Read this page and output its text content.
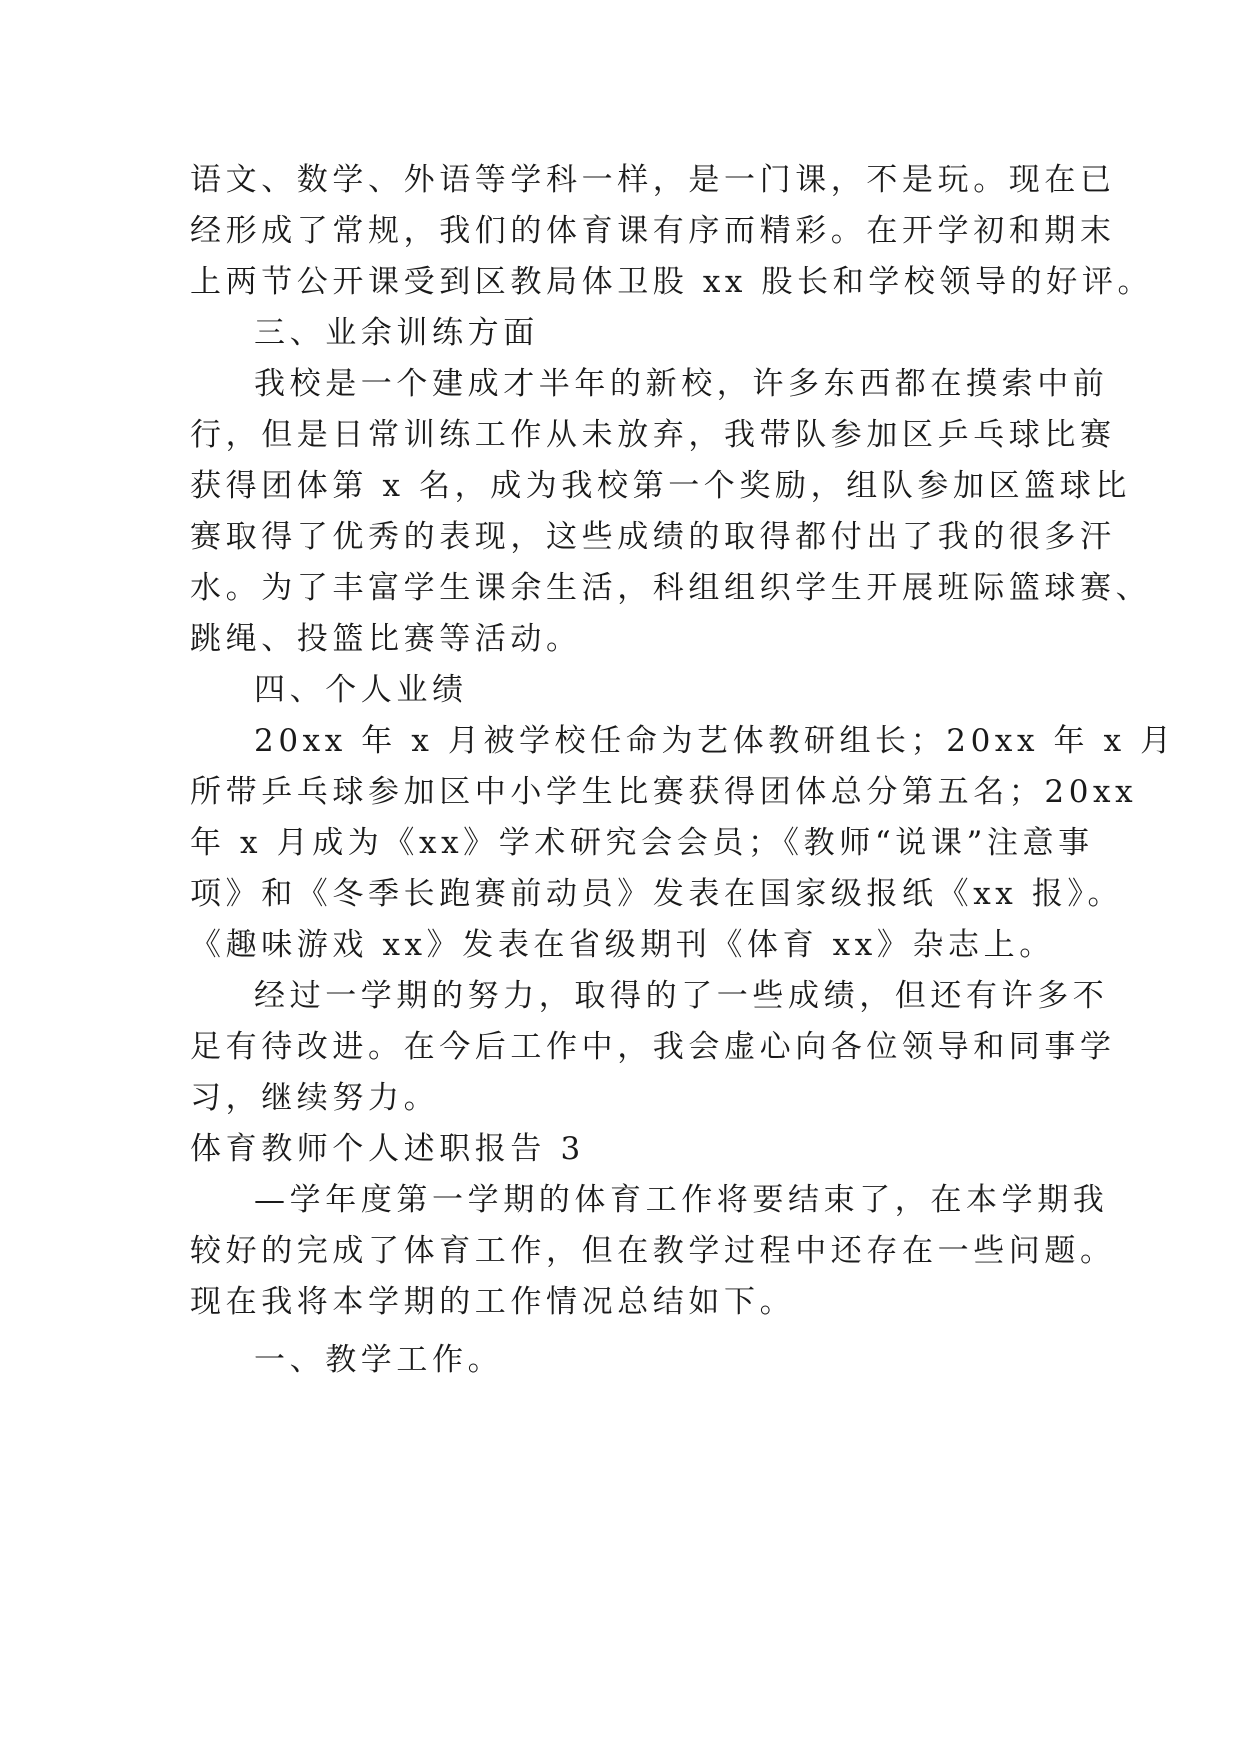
语文、数学、外语等学科一样，是一门课，不是玩。现在已
经形成了常规，我们的体育课有序而精彩。在开学初和期末
上两节公开课受到区教局体卫股 xx 股长和学校领导的好评。
三、业余训练方面
我校是一个建成才半年的新校，许多东西都在摸索中前
行，但是日常训练工作从未放弃，我带队参加区乒乓球比赛
获得团体第 x 名，成为我校第一个奖励，组队参加区篮球比
赛取得了优秀的表现，这些成绩的取得都付出了我的很多汗
水。为了丰富学生课余生活，科组组织学生开展班际篮球赛、
跳绳、投篮比赛等活动。
四、个人业绩
20xx 年 x 月被学校任命为艺体教研组长；20xx 年 x 月
所带乒乓球参加区中小学生比赛获得团体总分第五名；20xx
年 x 月成为《xx》学术研究会会员；《教师“说课”注意事
项》和《冬季长跑赛前动员》发表在国家级报纸《xx 报》。
《趣味游戏 xx》发表在省级期刊《体育 xx》杂志上。
经过一学期的努力，取得的了一些成绩，但还有许多不
足有待改进。在今后工作中，我会虚心向各位领导和同事学
习，继续努力。
体育教师个人述职报告 3
—学年度第一学期的体育工作将要结束了，在本学期我
较好的完成了体育工作，但在教学过程中还存在一些问题。
现在我将本学期的工作情况总结如下。
一、教学工作。
